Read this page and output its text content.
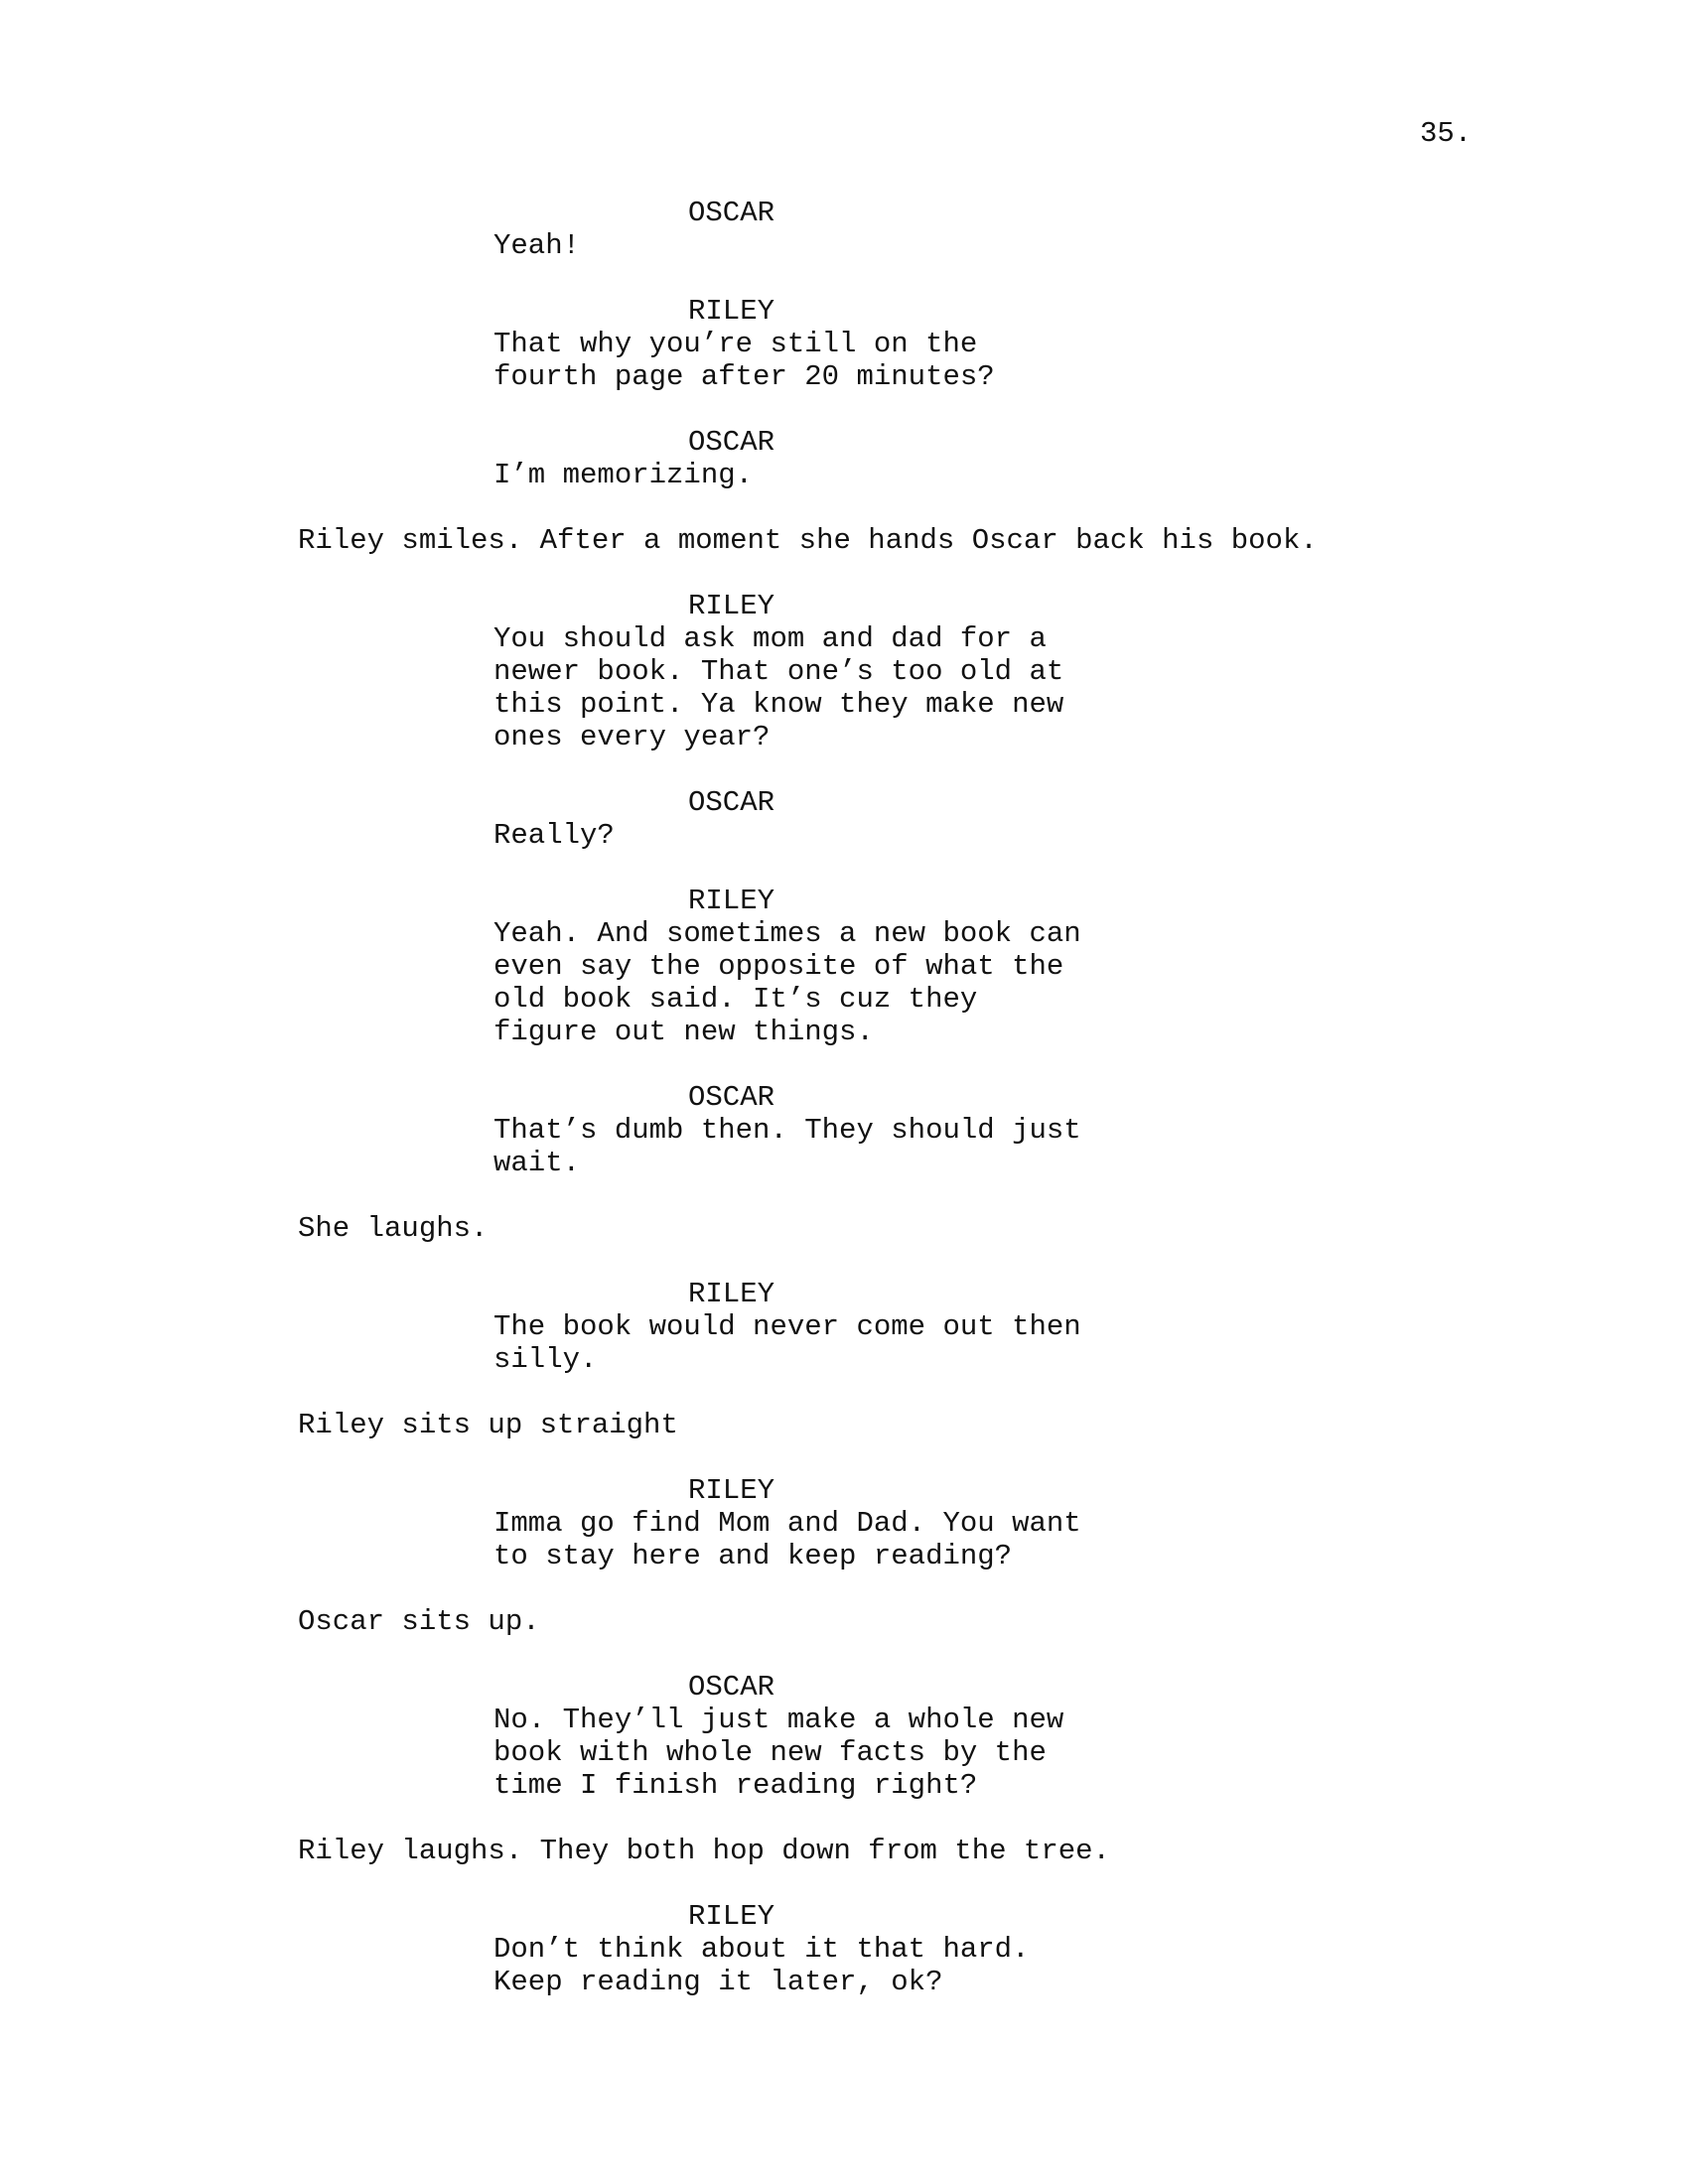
35.
OSCAR
Yeah!
RILEY
That why you’re still on the
fourth page after 20 minutes?
OSCAR
I’m memorizing.
Riley smiles. After a moment she hands Oscar back his book.
RILEY
You should ask mom and dad for a
newer book. That one’s too old at
this point. Ya know they make new
ones every year?
OSCAR
Really?
RILEY
Yeah. And sometimes a new book can
even say the opposite of what the
old book said. It’s cuz they
figure out new things.
OSCAR
That’s dumb then. They should just
wait.
She laughs.
RILEY
The book would never come out then
silly.
Riley sits up straight
RILEY
Imma go find Mom and Dad. You want
to stay here and keep reading?
Oscar sits up.
OSCAR
No. They’ll just make a whole new
book with whole new facts by the
time I finish reading right?
Riley laughs. They both hop down from the tree.
RILEY
Don’t think about it that hard.
Keep reading it later, ok?
